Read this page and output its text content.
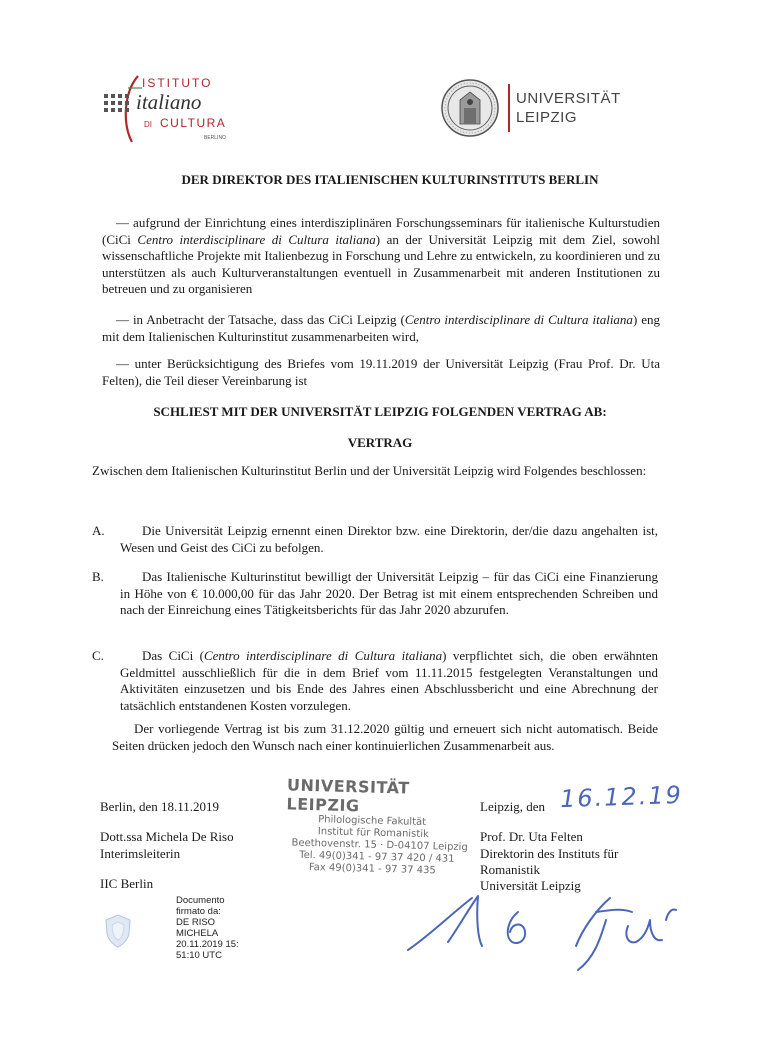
ISTITUTO
italiano
DI CULTURA
BERLINO
UNIVERSITÄT
LEIPZIG
DER DIREKTOR DES ITALIENISCHEN KULTURINSTITUTS BERLIN
— aufgrund der Einrichtung eines interdisziplinären Forschungsseminars für italienische Kulturstudien (CiCi Centro interdisciplinare di Cultura italiana) an der Universität Leipzig mit dem Ziel, sowohl wissenschaftliche Projekte mit Italienbezug in Forschung und Lehre zu entwickeln, zu koordinieren und zu unterstützen als auch Kulturveranstaltungen eventuell in Zusammenarbeit mit anderen Institutionen zu betreuen und zu organisieren
— in Anbetracht der Tatsache, dass das CiCi Leipzig (Centro interdisciplinare di Cultura italiana) eng mit dem Italienischen Kulturinstitut zusammenarbeiten wird,
— unter Berücksichtigung des Briefes vom 19.11.2019 der Universität Leipzig (Frau Prof. Dr. Uta Felten), die Teil dieser Vereinbarung ist
SCHLIEST MIT DER UNIVERSITÄT LEIPZIG FOLGENDEN VERTRAG AB:
VERTRAG
Zwischen dem Italienischen Kulturinstitut Berlin und der Universität Leipzig wird Folgendes beschlossen:
A.	Die Universität Leipzig ernennt einen Direktor bzw. eine Direktorin, der/die dazu angehalten ist, Wesen und Geist des CiCi zu befolgen.
B.	Das Italienische Kulturinstitut bewilligt der Universität Leipzig – für das CiCi eine Finanzierung in Höhe von € 10.000,00 für das Jahr 2020. Der Betrag ist mit einem entsprechenden Schreiben und nach der Einreichung eines Tätigkeitsberichts für das Jahr 2020 abzurufen.
C.	Das CiCi (Centro interdisciplinare di Cultura italiana) verpflichtet sich, die oben erwähnten Geldmittel ausschließlich für die in dem Brief vom 11.11.2015 festgelegten Veranstaltungen und Aktivitäten einzusetzen und bis Ende des Jahres einen Abschlussbericht und eine Abrechnung der tatsächlich entstandenen Kosten vorzulegen.
Der vorliegende Vertrag ist bis zum 31.12.2020 gültig und erneuert sich nicht automatisch. Beide Seiten drücken jedoch den Wunsch nach einer kontinuierlichen Zusammenarbeit aus.
Berlin, den 18.11.2019
Dott.ssa Michela De Riso
Interimsleiterin
IIC Berlin
Documento
firmato da:
DE RISO
MICHELA
20.11.2019 15:
51:10 UTC
UNIVERSITÄT LEIPZIG
Philologische Fakultät
Institut für Romanistik
Beethovenstr. 15 · D-04107 Leipzig
Tel. 49(0)341 - 97 37 420 / 431
Fax 49(0)341 - 97 37 435
Leipzig, den 16.12.19
Prof. Dr. Uta Felten
Direktorin des Instituts für
Romanistik
Universität Leipzig
